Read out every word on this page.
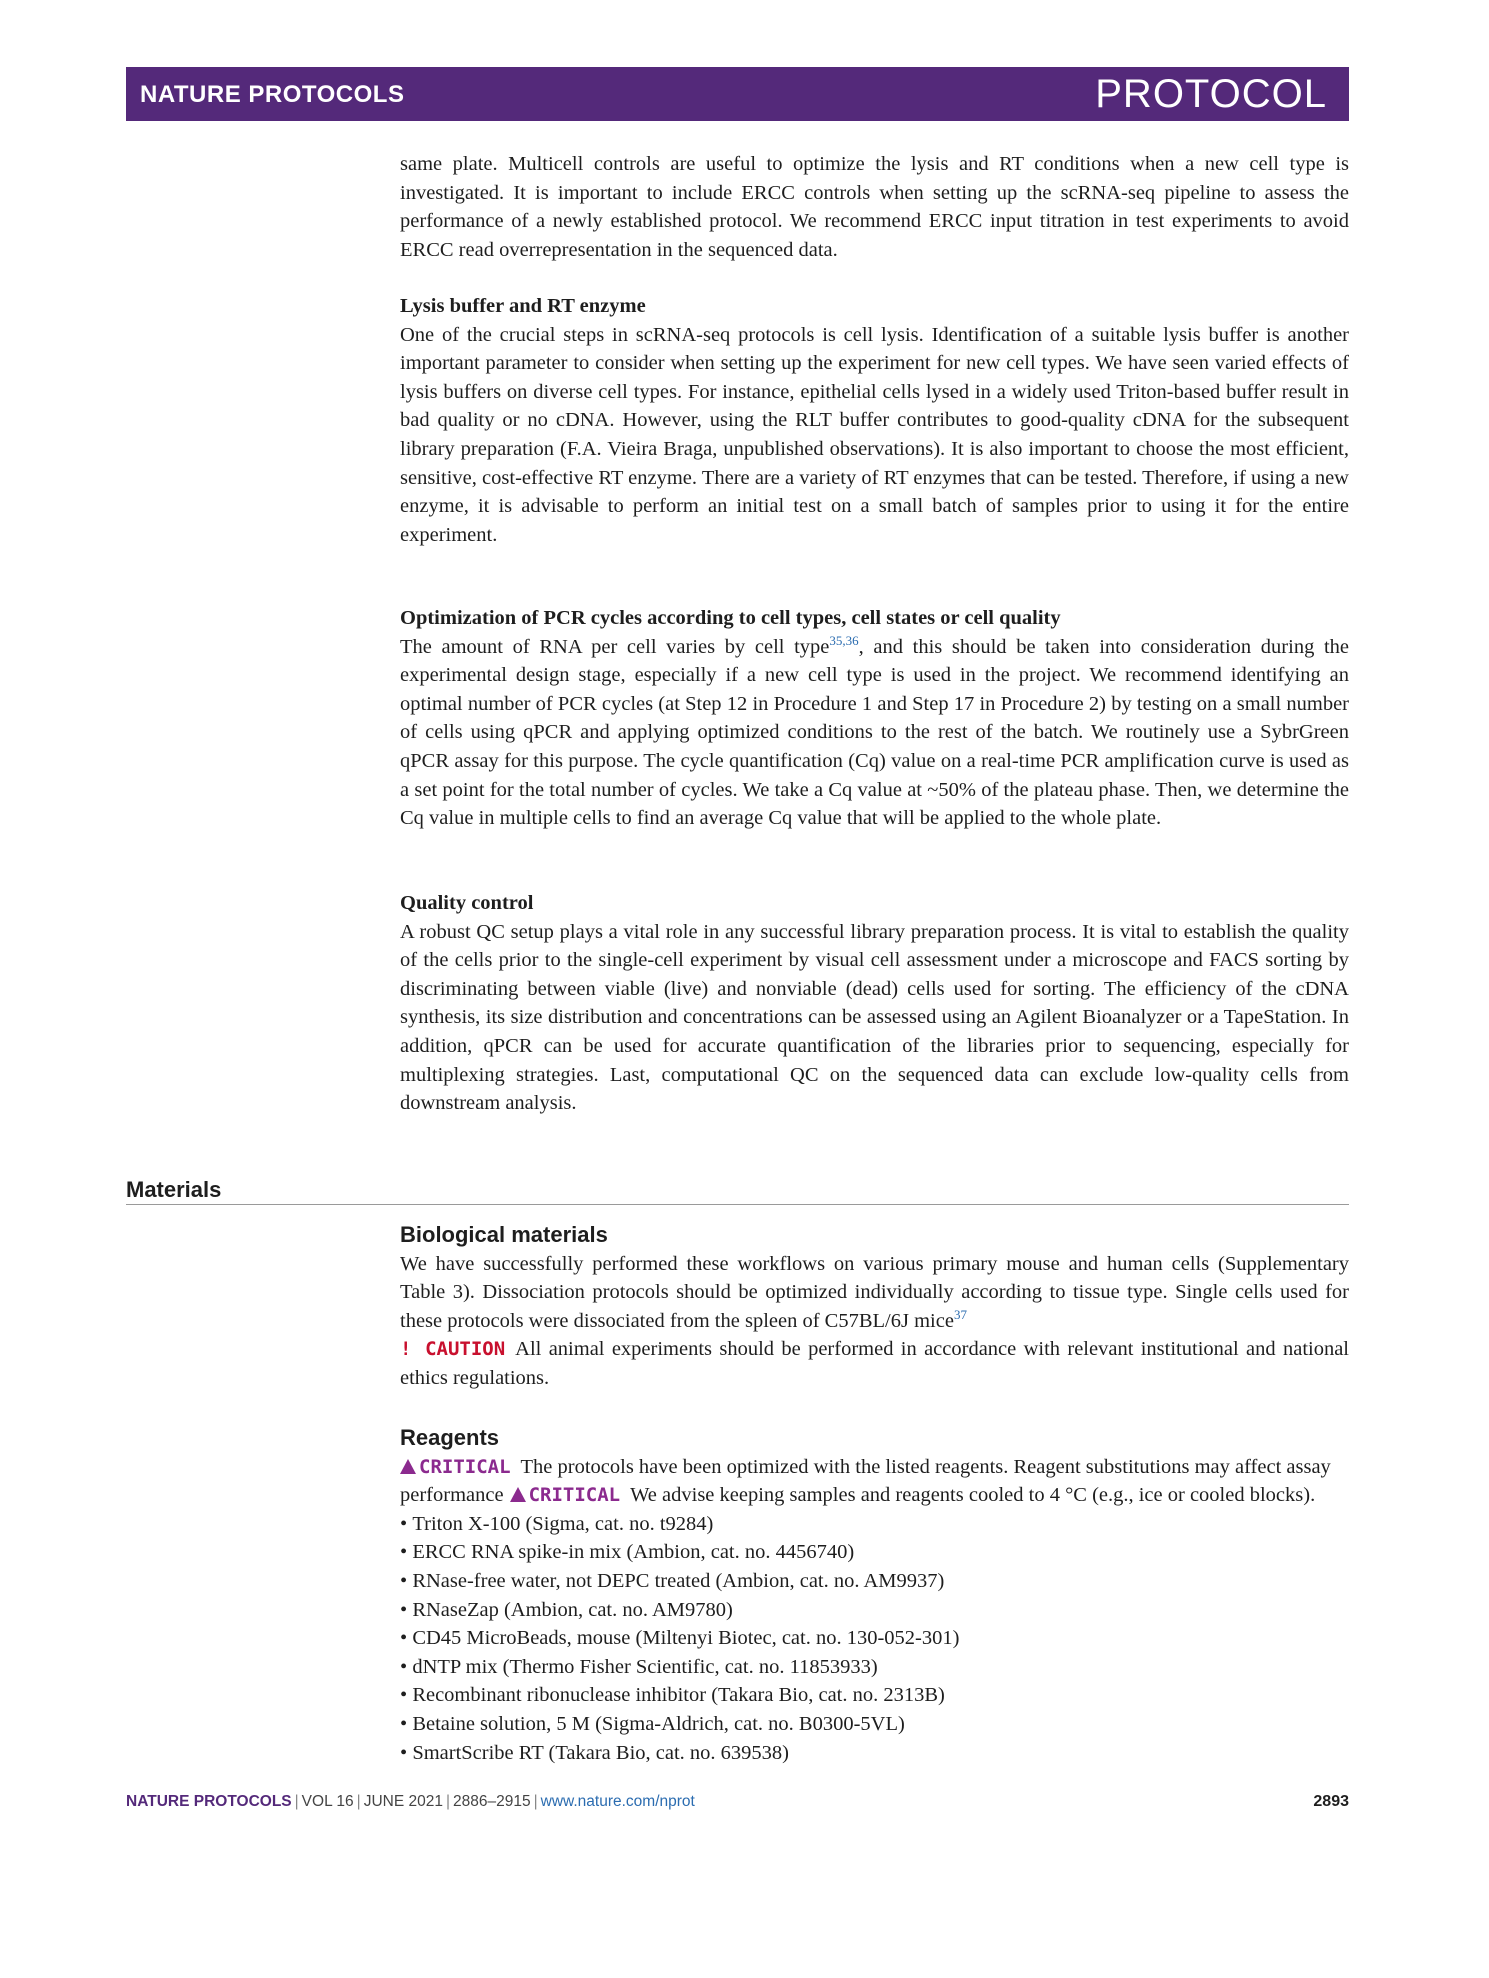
NATURE PROTOCOLS	PROTOCOL

same plate. Multicell controls are useful to optimize the lysis and RT conditions when a new cell type is investigated. It is important to include ERCC controls when setting up the scRNA-seq pipeline to assess the performance of a newly established protocol. We recommend ERCC input titration in test experiments to avoid ERCC read overrepresentation in the sequenced data.

Lysis buffer and RT enzyme

One of the crucial steps in scRNA-seq protocols is cell lysis. Identification of a suitable lysis buffer is another important parameter to consider when setting up the experiment for new cell types. We have seen varied effects of lysis buffers on diverse cell types. For instance, epithelial cells lysed in a widely used Triton-based buffer result in bad quality or no cDNA. However, using the RLT buffer contributes to good-quality cDNA for the subsequent library preparation (F.A. Vieira Braga, unpublished observations). It is also important to choose the most efficient, sensitive, cost-effective RT enzyme. There are a variety of RT enzymes that can be tested. Therefore, if using a new enzyme, it is advisable to perform an initial test on a small batch of samples prior to using it for the entire experiment.

Optimization of PCR cycles according to cell types, cell states or cell quality

The amount of RNA per cell varies by cell type$^{35,36}$, and this should be taken into consideration during the experimental design stage, especially if a new cell type is used in the project. We recommend identifying an optimal number of PCR cycles (at Step 12 in Procedure 1 and Step 17 in Procedure 2) by testing on a small number of cells using qPCR and applying optimized conditions to the rest of the batch. We routinely use a SybrGreen qPCR assay for this purpose. The cycle quantification (Cq) value on a real-time PCR amplification curve is used as a set point for the total number of cycles. We take a Cq value at ~50% of the plateau phase. Then, we determine the Cq value in multiple cells to find an average Cq value that will be applied to the whole plate.

Quality control

A robust QC setup plays a vital role in any successful library preparation process. It is vital to establish the quality of the cells prior to the single-cell experiment by visual cell assessment under a microscope and FACS sorting by discriminating between viable (live) and nonviable (dead) cells used for sorting. The efficiency of the cDNA synthesis, its size distribution and concentrations can be assessed using an Agilent Bioanalyzer or a TapeStation. In addition, qPCR can be used for accurate quantification of the libraries prior to sequencing, especially for multiplexing strategies. Last, computational QC on the sequenced data can exclude low-quality cells from downstream analysis.

Materials

Biological materials

We have successfully performed these workflows on various primary mouse and human cells (Supplementary Table 3). Dissociation protocols should be optimized individually according to tissue type. Single cells used for these protocols were dissociated from the spleen of C57BL/6J mice$^{37}$
! CAUTION All animal experiments should be performed in accordance with relevant institutional and national ethics regulations.

Reagents

CRITICAL The protocols have been optimized with the listed reagents. Reagent substitutions may affect assay performance CRITICAL We advise keeping samples and reagents cooled to 4 °C (e.g., ice or cooled blocks).

• Triton X-100 (Sigma, cat. no. t9284)
• ERCC RNA spike-in mix (Ambion, cat. no. 4456740)
• RNase-free water, not DEPC treated (Ambion, cat. no. AM9937)
• RNaseZap (Ambion, cat. no. AM9780)
• CD45 MicroBeads, mouse (Miltenyi Biotec, cat. no. 130-052-301)
• dNTP mix (Thermo Fisher Scientific, cat. no. 11853933)
• Recombinant ribonuclease inhibitor (Takara Bio, cat. no. 2313B)
• Betaine solution, 5 M (Sigma-Aldrich, cat. no. B0300-5VL)
• SmartScribe RT (Takara Bio, cat. no. 639538)
NATURE PROTOCOLS | VOL 16 | JUNE 2021 | 2886–2915 | www.nature.com/nprot	2893
